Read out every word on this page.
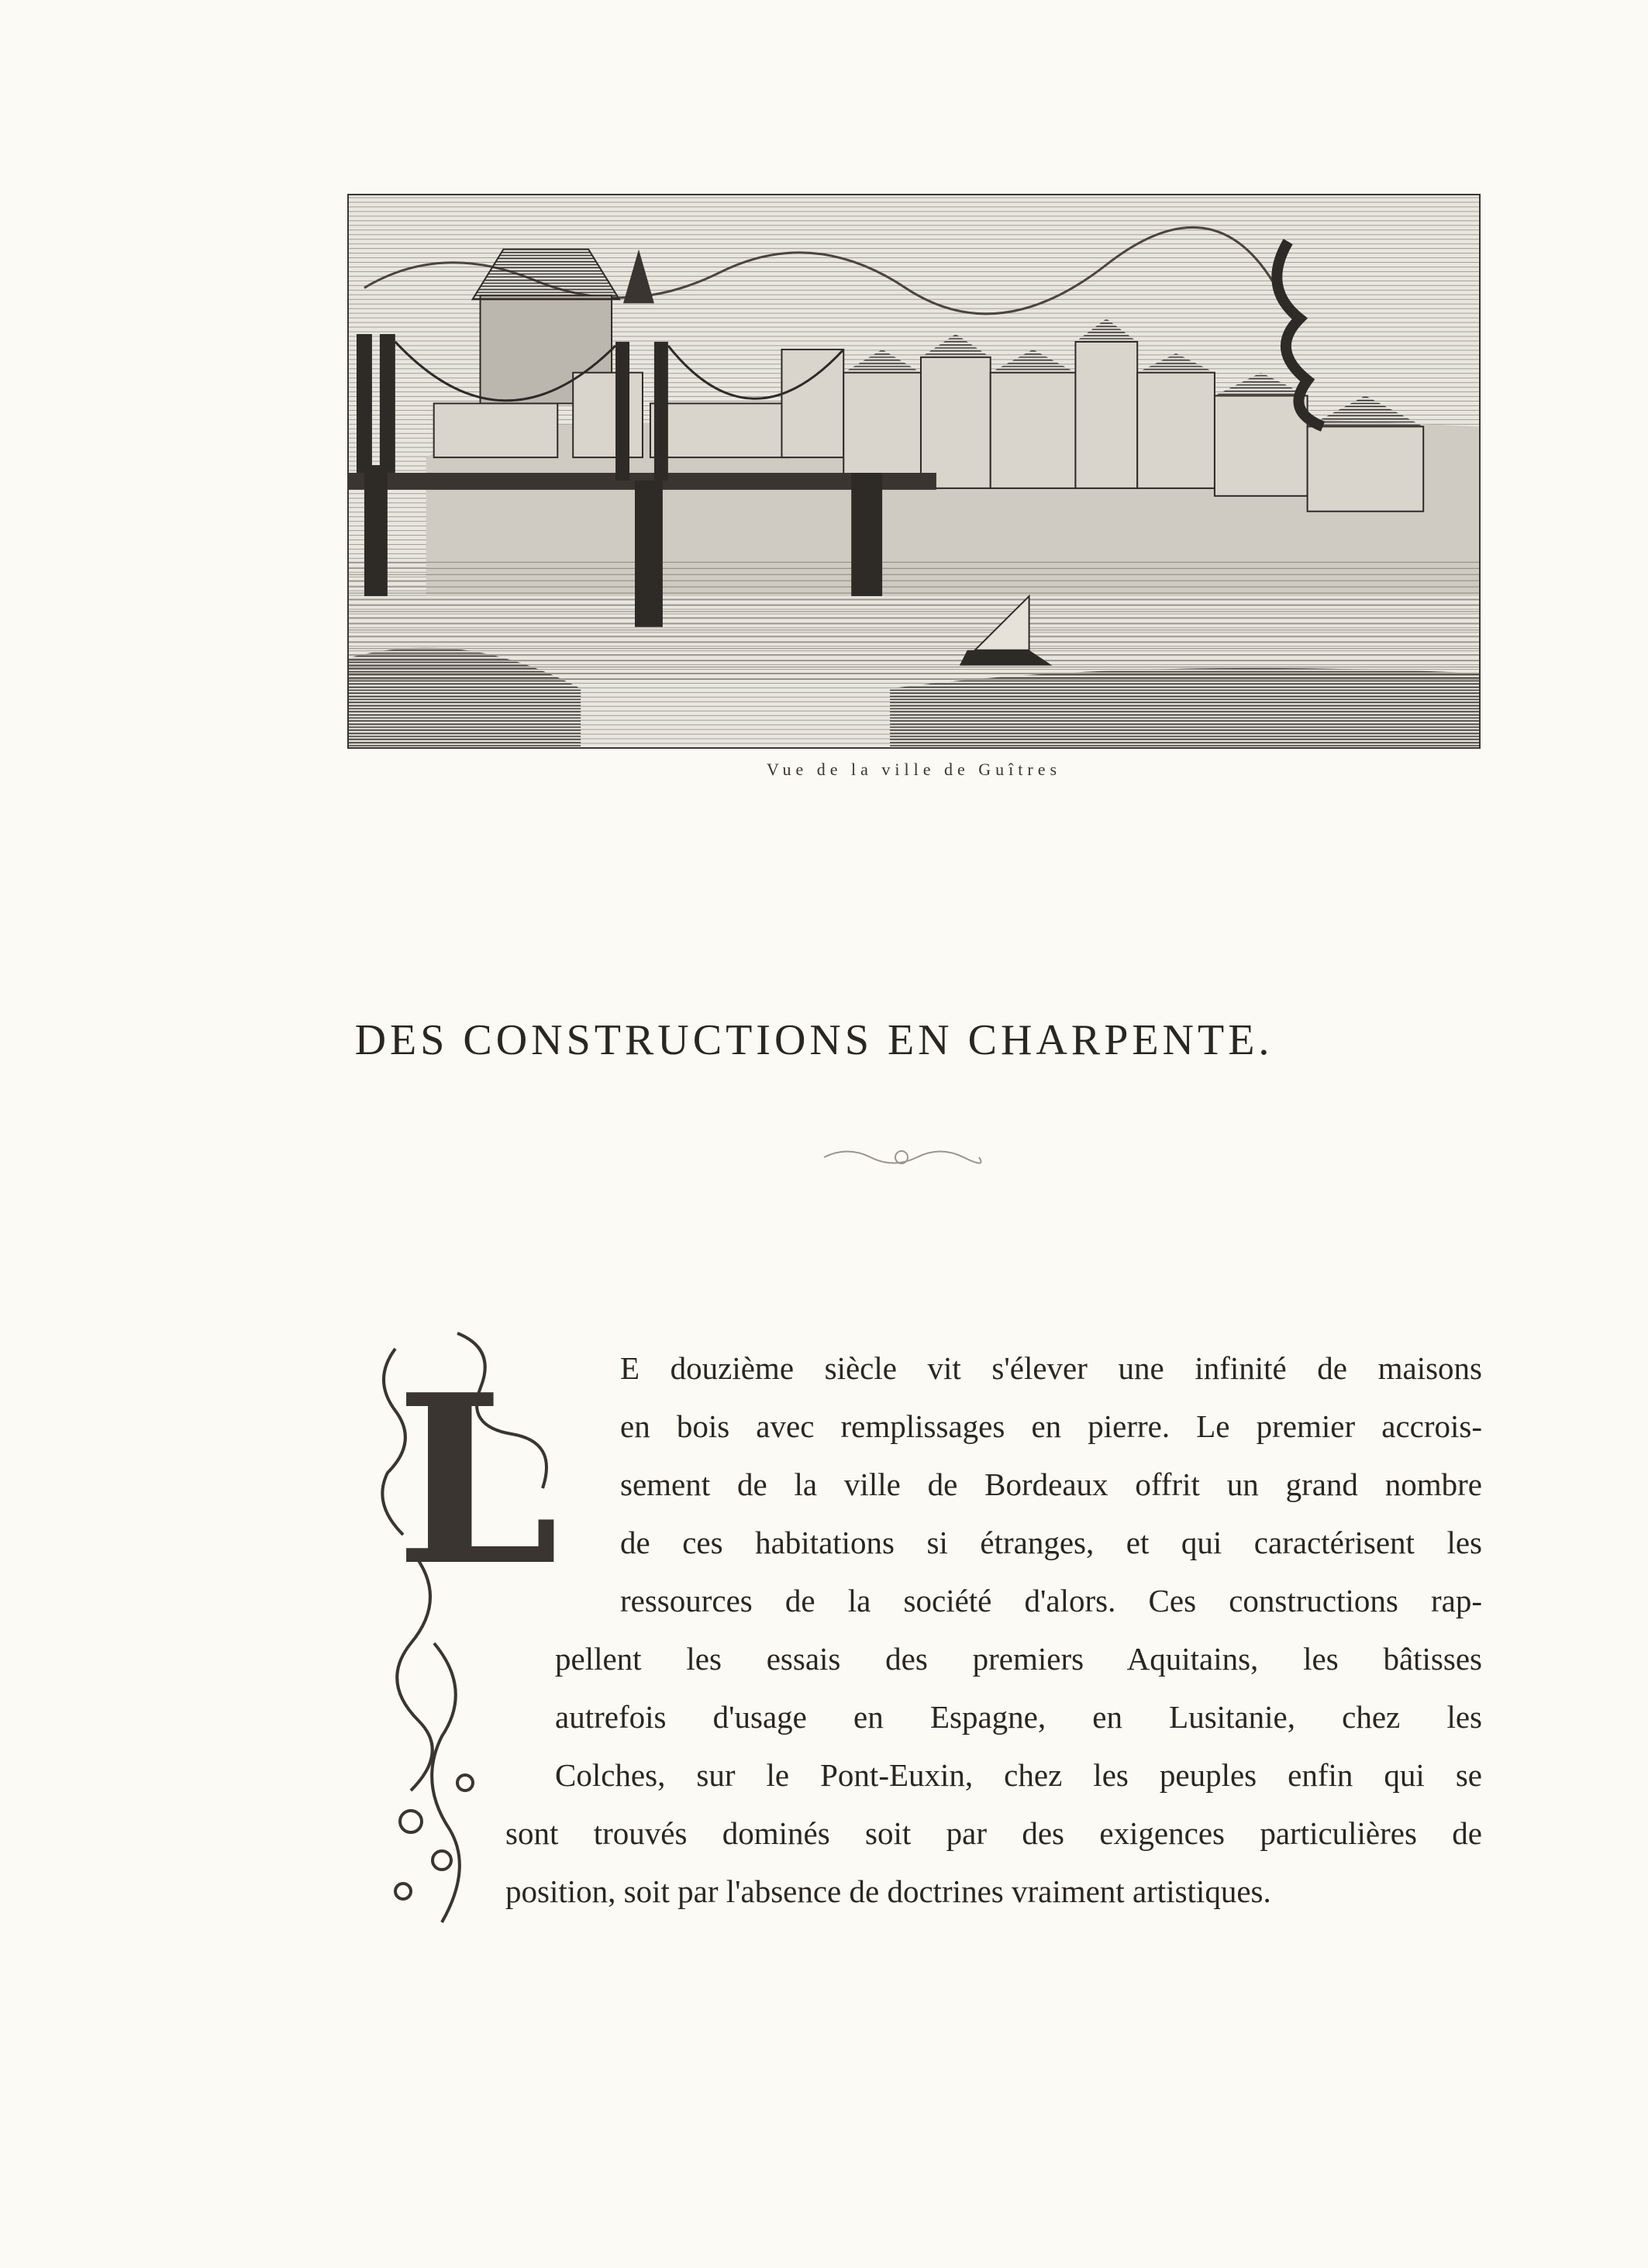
Vue de la ville de Guîtres
DES CONSTRUCTIONS EN CHARPENTE.
L E douzième siècle vit s'élever une infinité de maisons
en bois avec remplissages en pierre. Le premier accrois-
sement de la ville de Bordeaux offrit un grand nombre
de ces habitations si étranges, et qui caractérisent les
ressources de la société d'alors. Ces constructions rap-
pellent les essais des premiers Aquitains, les bâtisses
autrefois d'usage en Espagne, en Lusitanie, chez les
Colches, sur le Pont-Euxin, chez les peuples enfin qui se
sont trouvés dominés soit par des exigences particulières de
position, soit par l'absence de doctrines vraiment artistiques.
